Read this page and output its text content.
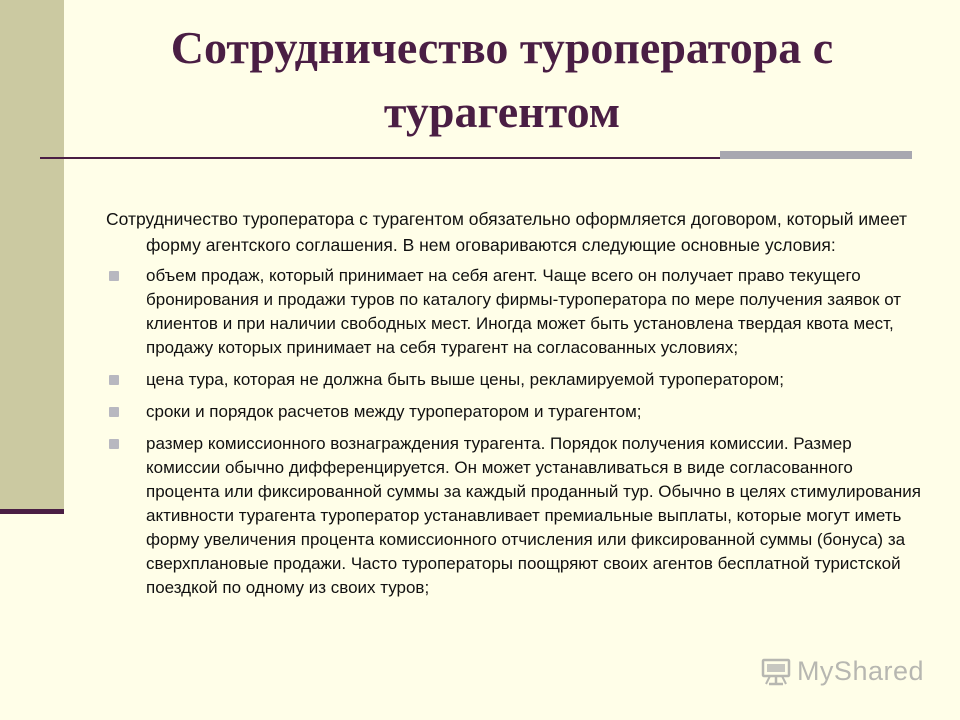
Сотрудничество туроператора с турагентом

Сотрудничество туроператора с турагентом обязательно оформляется договором, который имеет форму агентского соглашения. В нем оговариваются следующие основные условия:

объем продаж, который принимает на себя агент. Чаще всего он получает право текущего бронирования и продажи туров по каталогу фирмы-туроператора по мере получения заявок от клиентов и при наличии свободных мест. Иногда может быть установлена твердая квота мест, продажу которых принимает на себя турагент на согласованных условиях;
цена тура, которая не должна быть выше цены, рекламируемой туроператором;
сроки и порядок расчетов между туроператором и турагентом;
размер комиссионного вознаграждения турагента. Порядок получения комиссии. Размер комиссии обычно дифференцируется. Он может устанавливаться в виде согласованного процента или фиксированной суммы за каждый проданный тур. Обычно в целях стимулирования активности турагента туроператор устанавливает премиальные выплаты, которые могут иметь форму увеличения процента комиссионного отчисления или фиксированной суммы (бонуса) за сверхплановые продажи. Часто туроператоры поощряют своих агентов бесплатной туристской поездкой по одному из своих туров;
MyShared
